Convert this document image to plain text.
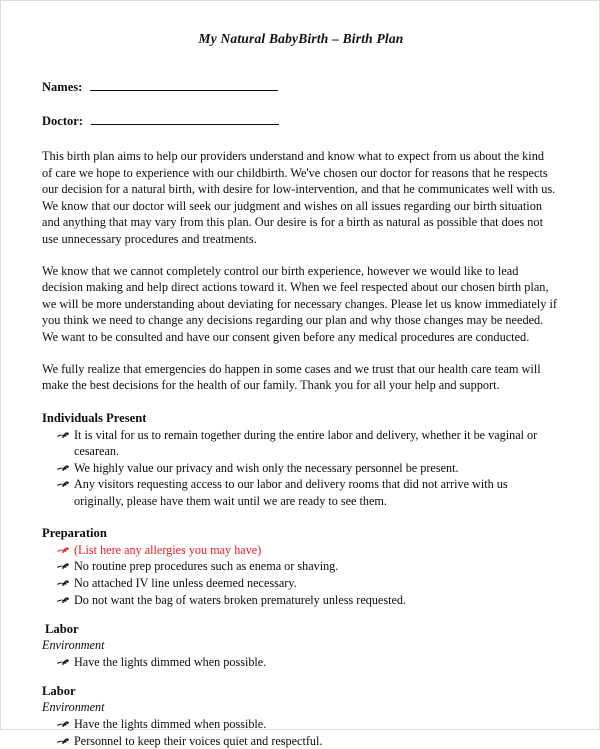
My Natural BabyBirth – Birth Plan
Names:
Doctor:

This birth plan aims to help our providers understand and know what to expect from us about the kind of care we hope to experience with our childbirth. We've chosen our doctor for reasons that he respects our decision for a natural birth, with desire for low-intervention, and that he communicates well with us. We know that our doctor will seek our judgment and wishes on all issues regarding our birth situation and anything that may vary from this plan. Our desire is for a birth as natural as possible that does not use unnecessary procedures and treatments.

We know that we cannot completely control our birth experience, however we would like to lead decision making and help direct actions toward it. When we feel respected about our chosen birth plan, we will be more understanding about deviating for necessary changes. Please let us know immediately if you think we need to change any decisions regarding our plan and why those changes may be needed. We want to be consulted and have our consent given before any medical procedures are conducted.

We fully realize that emergencies do happen in some cases and we trust that our health care team will make the best decisions for the health of our family. Thank you for all your help and support.

Individuals Present
It is vital for us to remain together during the entire labor and delivery, whether it be vaginal or cesarean.
We highly value our privacy and wish only the necessary personnel be present.
Any visitors requesting access to our labor and delivery rooms that did not arrive with us originally, please have them wait until we are ready to see them.
Preparation
(List here any allergies you may have)
No routine prep procedures such as enema or shaving.
No attached IV line unless deemed necessary.
Do not want the bag of waters broken prematurely unless requested.
Labor
Environment
Have the lights dimmed when possible.
Labor
Environment
Have the lights dimmed when possible.
Personnel to keep their voices quiet and respectful.
